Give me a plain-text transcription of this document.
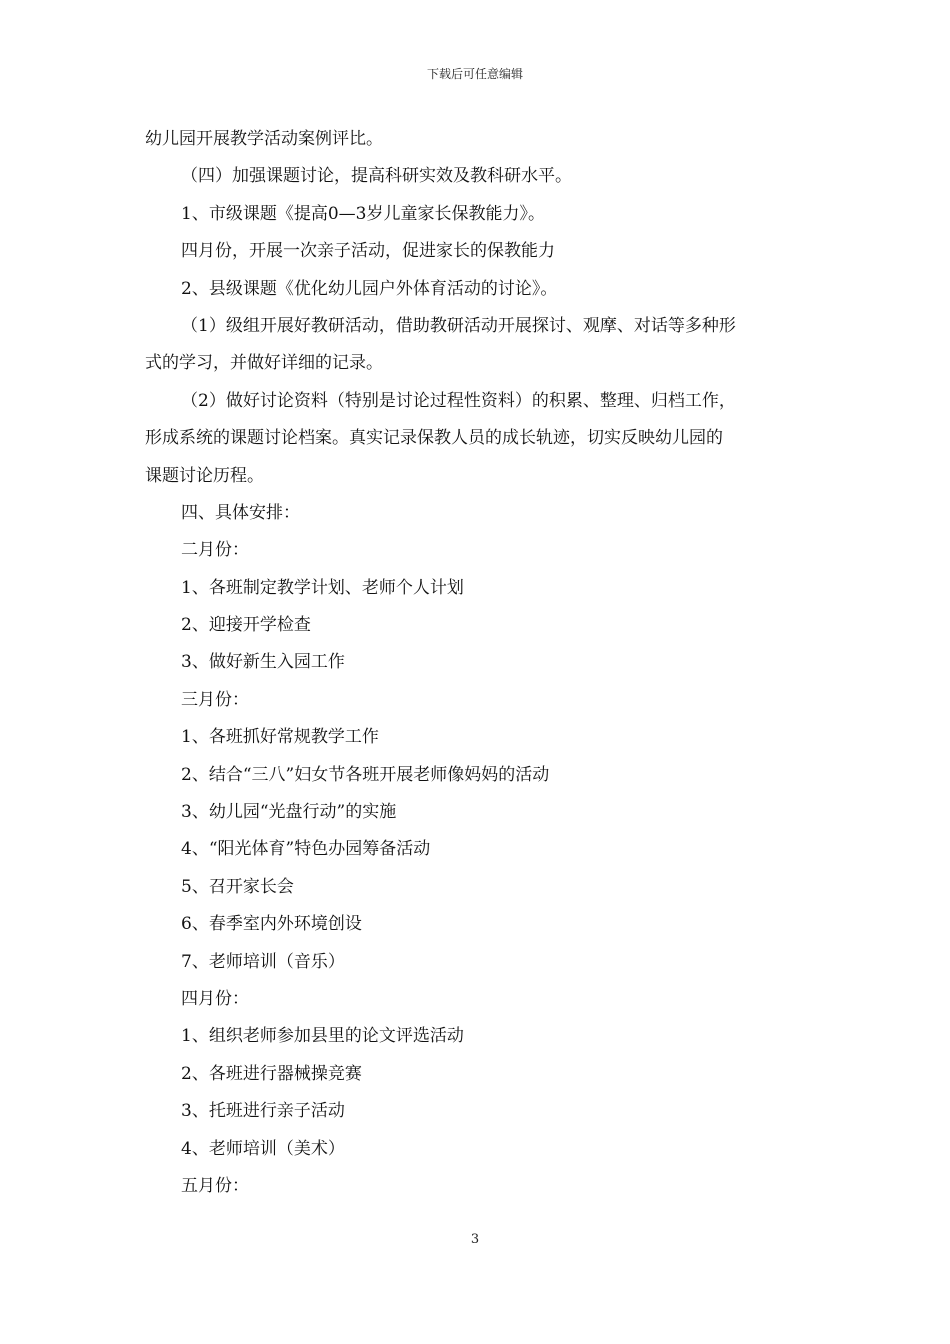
下载后可任意编辑
幼儿园开展教学活动案例评比。
（四）加强课题讨论，提高科研实效及教科研水平。
1、市级课题《提高0—3岁儿童家长保教能力》。
四月份，开展一次亲子活动，促进家长的保教能力
2、县级课题《优化幼儿园户外体育活动的讨论》。
（1）级组开展好教研活动，借助教研活动开展探讨、观摩、对话等多种形
式的学习，并做好详细的记录。
（2）做好讨论资料（特别是讨论过程性资料）的积累、整理、归档工作，
形成系统的课题讨论档案。真实记录保教人员的成长轨迹，切实反映幼儿园的
课题讨论历程。
四、具体安排：
二月份：
1、各班制定教学计划、老师个人计划
2、迎接开学检查
3、做好新生入园工作
三月份：
1、各班抓好常规教学工作
2、结合“三八”妇女节各班开展老师像妈妈的活动
3、幼儿园“光盘行动”的实施
4、“阳光体育”特色办园筹备活动
5、召开家长会
6、春季室内外环境创设
7、老师培训（音乐）
四月份：
1、组织老师参加县里的论文评选活动
2、各班进行器械操竞赛
3、托班进行亲子活动
4、老师培训（美术）
五月份：
3
